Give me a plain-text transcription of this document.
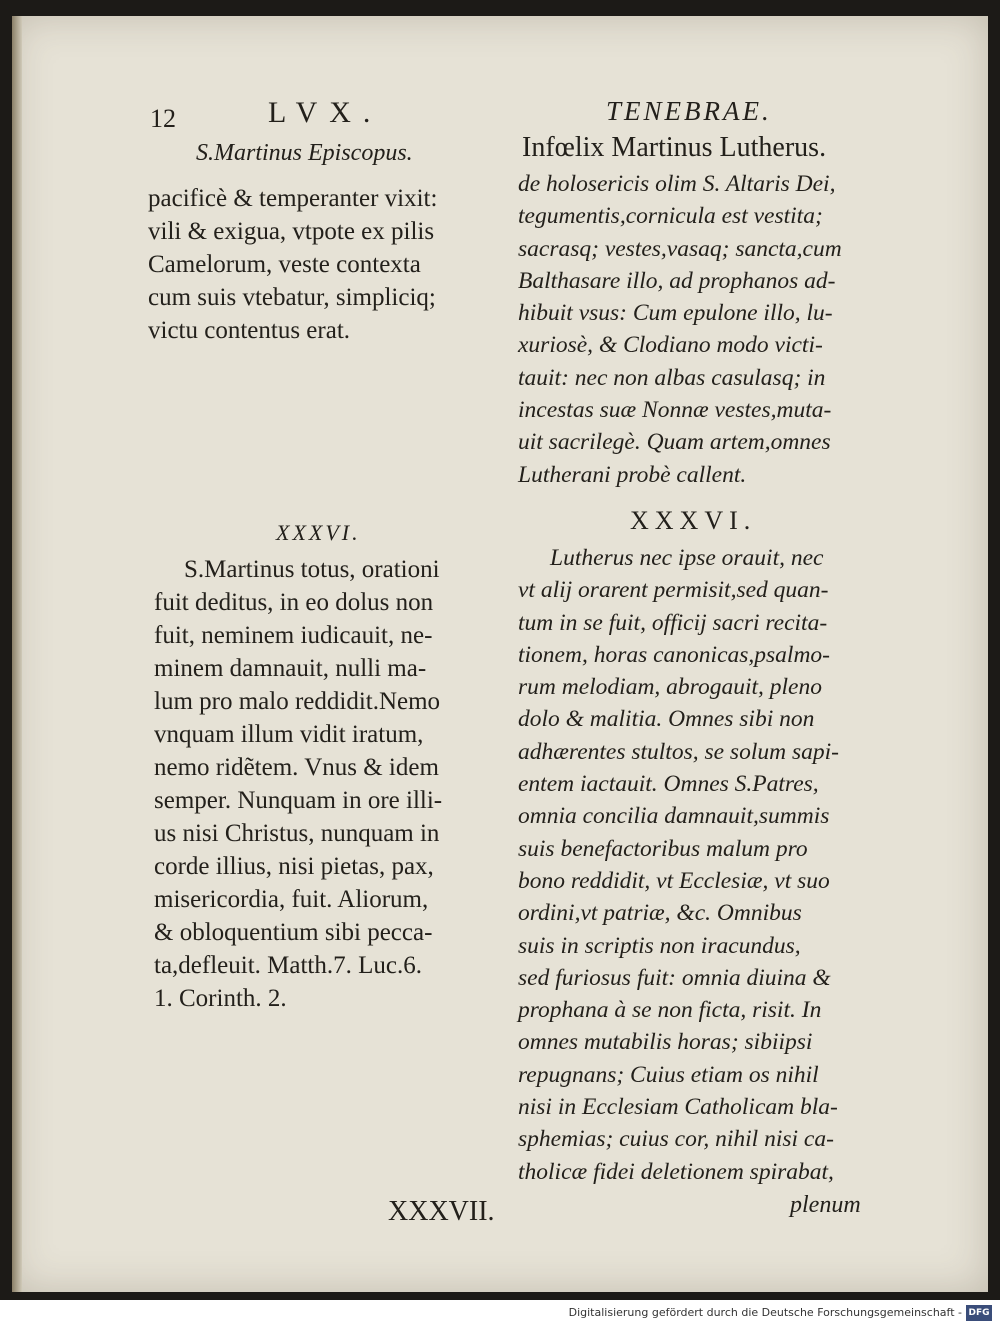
12	LVX.	TENEBRAE.
S.Martinus Episcopus.	Infœlix Martinus Lutherus.
pacificè & temperanter vixit:
vili & exigua, vtpote ex pilis
Camelorum, veste contexta
cum suis vtebatur, simpliciq;
victu contentus erat.
de holosericis olim S. Altaris Dei,
tegumentis,cornicula est vestita;
sacrasq; vestes,vasaq; sancta,cum
Balthasare illo, ad prophanos ad-
hibuit vsus: Cum epulone illo, lu-
xuriosè, & Clodiano modo victi-
tauit: nec non albas casulasq; in
incestas suæ Nonnæ vestes,muta-
uit sacrilegè. Quam artem,omnes
Lutherani probè callent.
XXXVI.	XXXVI.
S.Martinus totus, orationi
fuit deditus, in eo dolus non
fuit, neminem iudicauit, ne-
minem damnauit, nulli ma-
lum pro malo reddidit.Nemo
vnquam illum vidit iratum,
nemo ridẽtem. Vnus & idem
semper. Nunquam in ore illi-
us nisi Christus, nunquam in
corde illius, nisi pietas, pax,
misericordia, fuit. Aliorum,
& obloquentium sibi pecca-
ta,defleuit. Matth.7. Luc.6.
1. Corinth. 2.
Lutherus nec ipse orauit, nec
vt alij orarent permisit,sed quan-
tum in se fuit, officij sacri recita-
tionem, horas canonicas,psalmo-
rum melodiam, abrogauit, pleno
dolo & malitia. Omnes sibi non
adhærentes stultos, se solum sapi-
entem iactauit. Omnes S.Patres,
omnia concilia damnauit,summis
suis benefactoribus malum pro
bono reddidit, vt Ecclesiæ, vt suo
ordini,vt patriæ, &c. Omnibus
suis in scriptis non iracundus,
sed furiosus fuit: omnia diuina &
prophana à se non ficta, risit. In
omnes mutabilis horas; sibiipsi
repugnans; Cuius etiam os nihil
nisi in Ecclesiam Catholicam bla-
sphemias; cuius cor, nihil nisi ca-
tholicæ fidei deletionem spirabat,
XXXVII.	plenum
Digitalisierung gefördert durch die Deutsche Forschungsgemeinschaft - DFG
